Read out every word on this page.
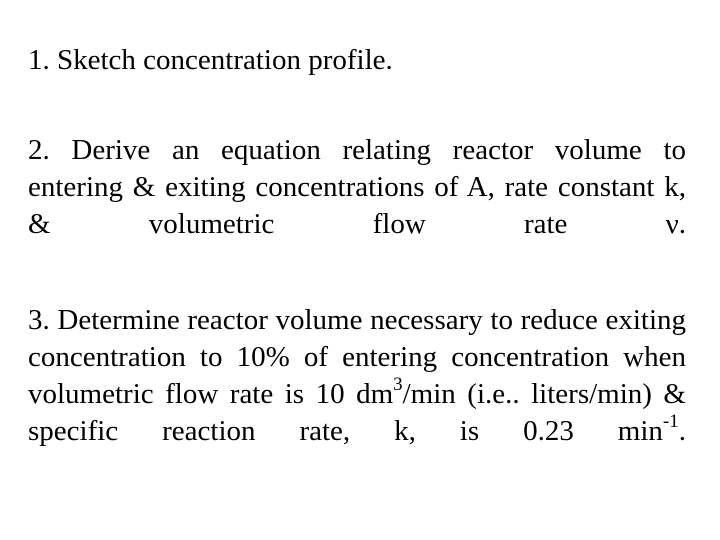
1. Sketch concentration profile.

2. Derive an equation relating reactor volume to entering & exiting concentrations of A, rate constant k, & volumetric flow rate ν.

3. Determine reactor volume necessary to reduce exiting concentration to 10% of entering concentration when volumetric flow rate is 10 $dm^3/\min$ (i.e.. liters/min) & specific reaction rate, k, is 0.23 $\min^{-1}$.
